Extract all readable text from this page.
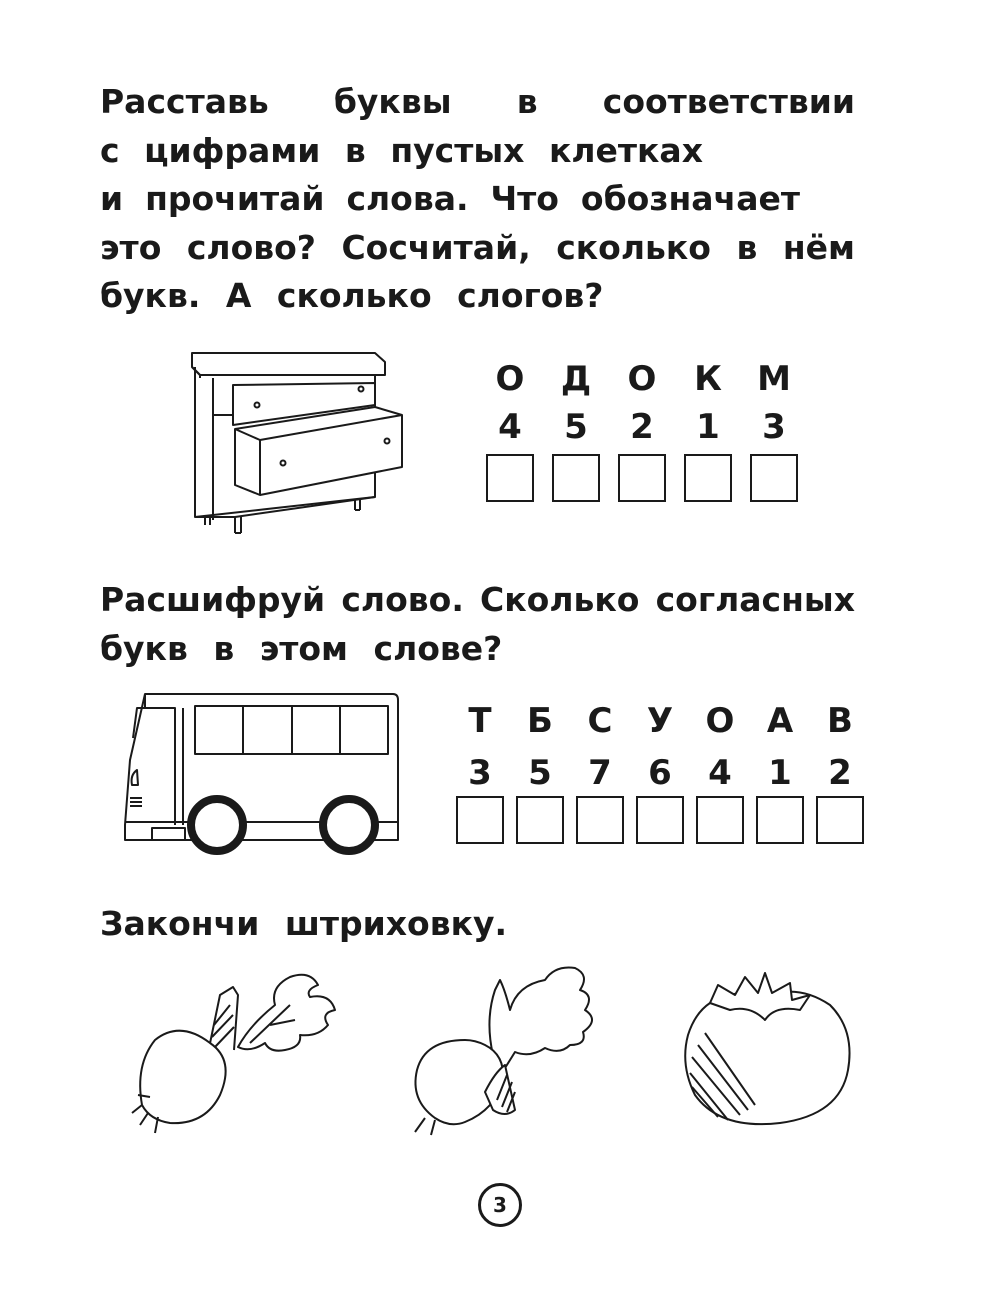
Расставь буквы в соответствии
с цифрами в пустых клетках
и прочитай слова. Что обозначает
это слово? Сосчитай, сколько в нём
букв. А сколько слогов?
О Д О К М
4	5	2	1	3
Расшифруй слово. Сколько согласных
букв в этом слове?
Т	Б	С	У О А В
3	5	7	6	4	1	2
Закончи штриховку.
3
